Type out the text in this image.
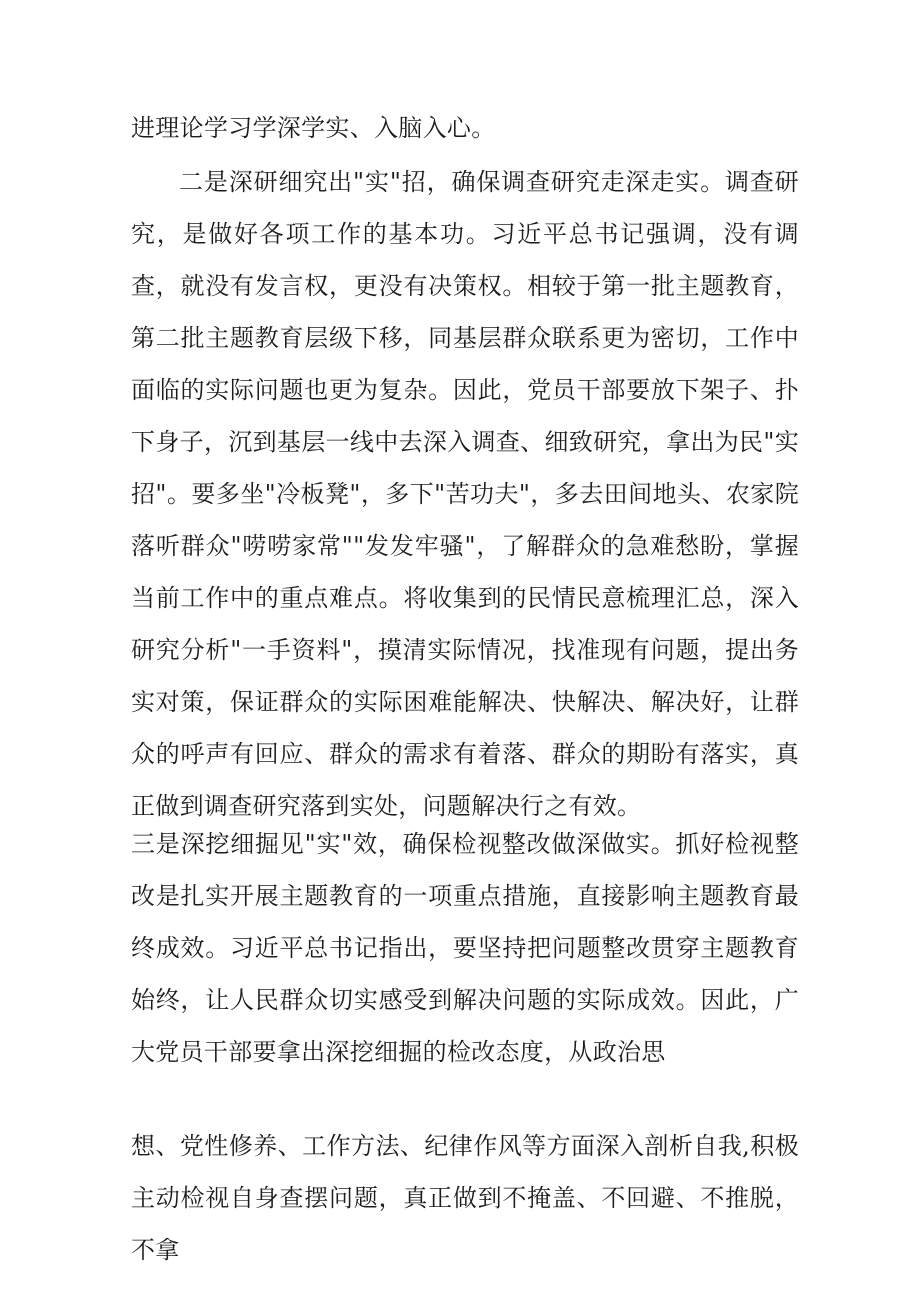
进理论学习学深学实、入脑入心。

二是深研细究出"实"招，确保调查研究走深走实。调查研究，是做好各项工作的基本功。习近平总书记强调，没有调查，就没有发言权，更没有决策权。相较于第一批主题教育，第二批主题教育层级下移，同基层群众联系更为密切，工作中面临的实际问题也更为复杂。因此，党员干部要放下架子、扑下身子，沉到基层一线中去深入调查、细致研究，拿出为民"实招"。要多坐"冷板凳"，多下"苦功夫"，多去田间地头、农家院落听群众"唠唠家常""发发牢骚"，了解群众的急难愁盼，掌握当前工作中的重点难点。将收集到的民情民意梳理汇总，深入研究分析"一手资料"，摸清实际情况，找准现有问题，提出务实对策，保证群众的实际困难能解决、快解决、解决好，让群众的呼声有回应、群众的需求有着落、群众的期盼有落实，真正做到调查研究落到实处，问题解决行之有效。

三是深挖细掘见"实"效，确保检视整改做深做实。抓好检视整改是扎实开展主题教育的一项重点措施，直接影响主题教育最终成效。习近平总书记指出，要坚持把问题整改贯穿主题教育始终，让人民群众切实感受到解决问题的实际成效。因此，广大党员干部要拿出深挖细掘的检改态度，从政治思

想、党性修养、工作方法、纪律作风等方面深入剖析自我,积极主动检视自身查摆问题，真正做到不掩盖、不回避、不推脱，不拿
